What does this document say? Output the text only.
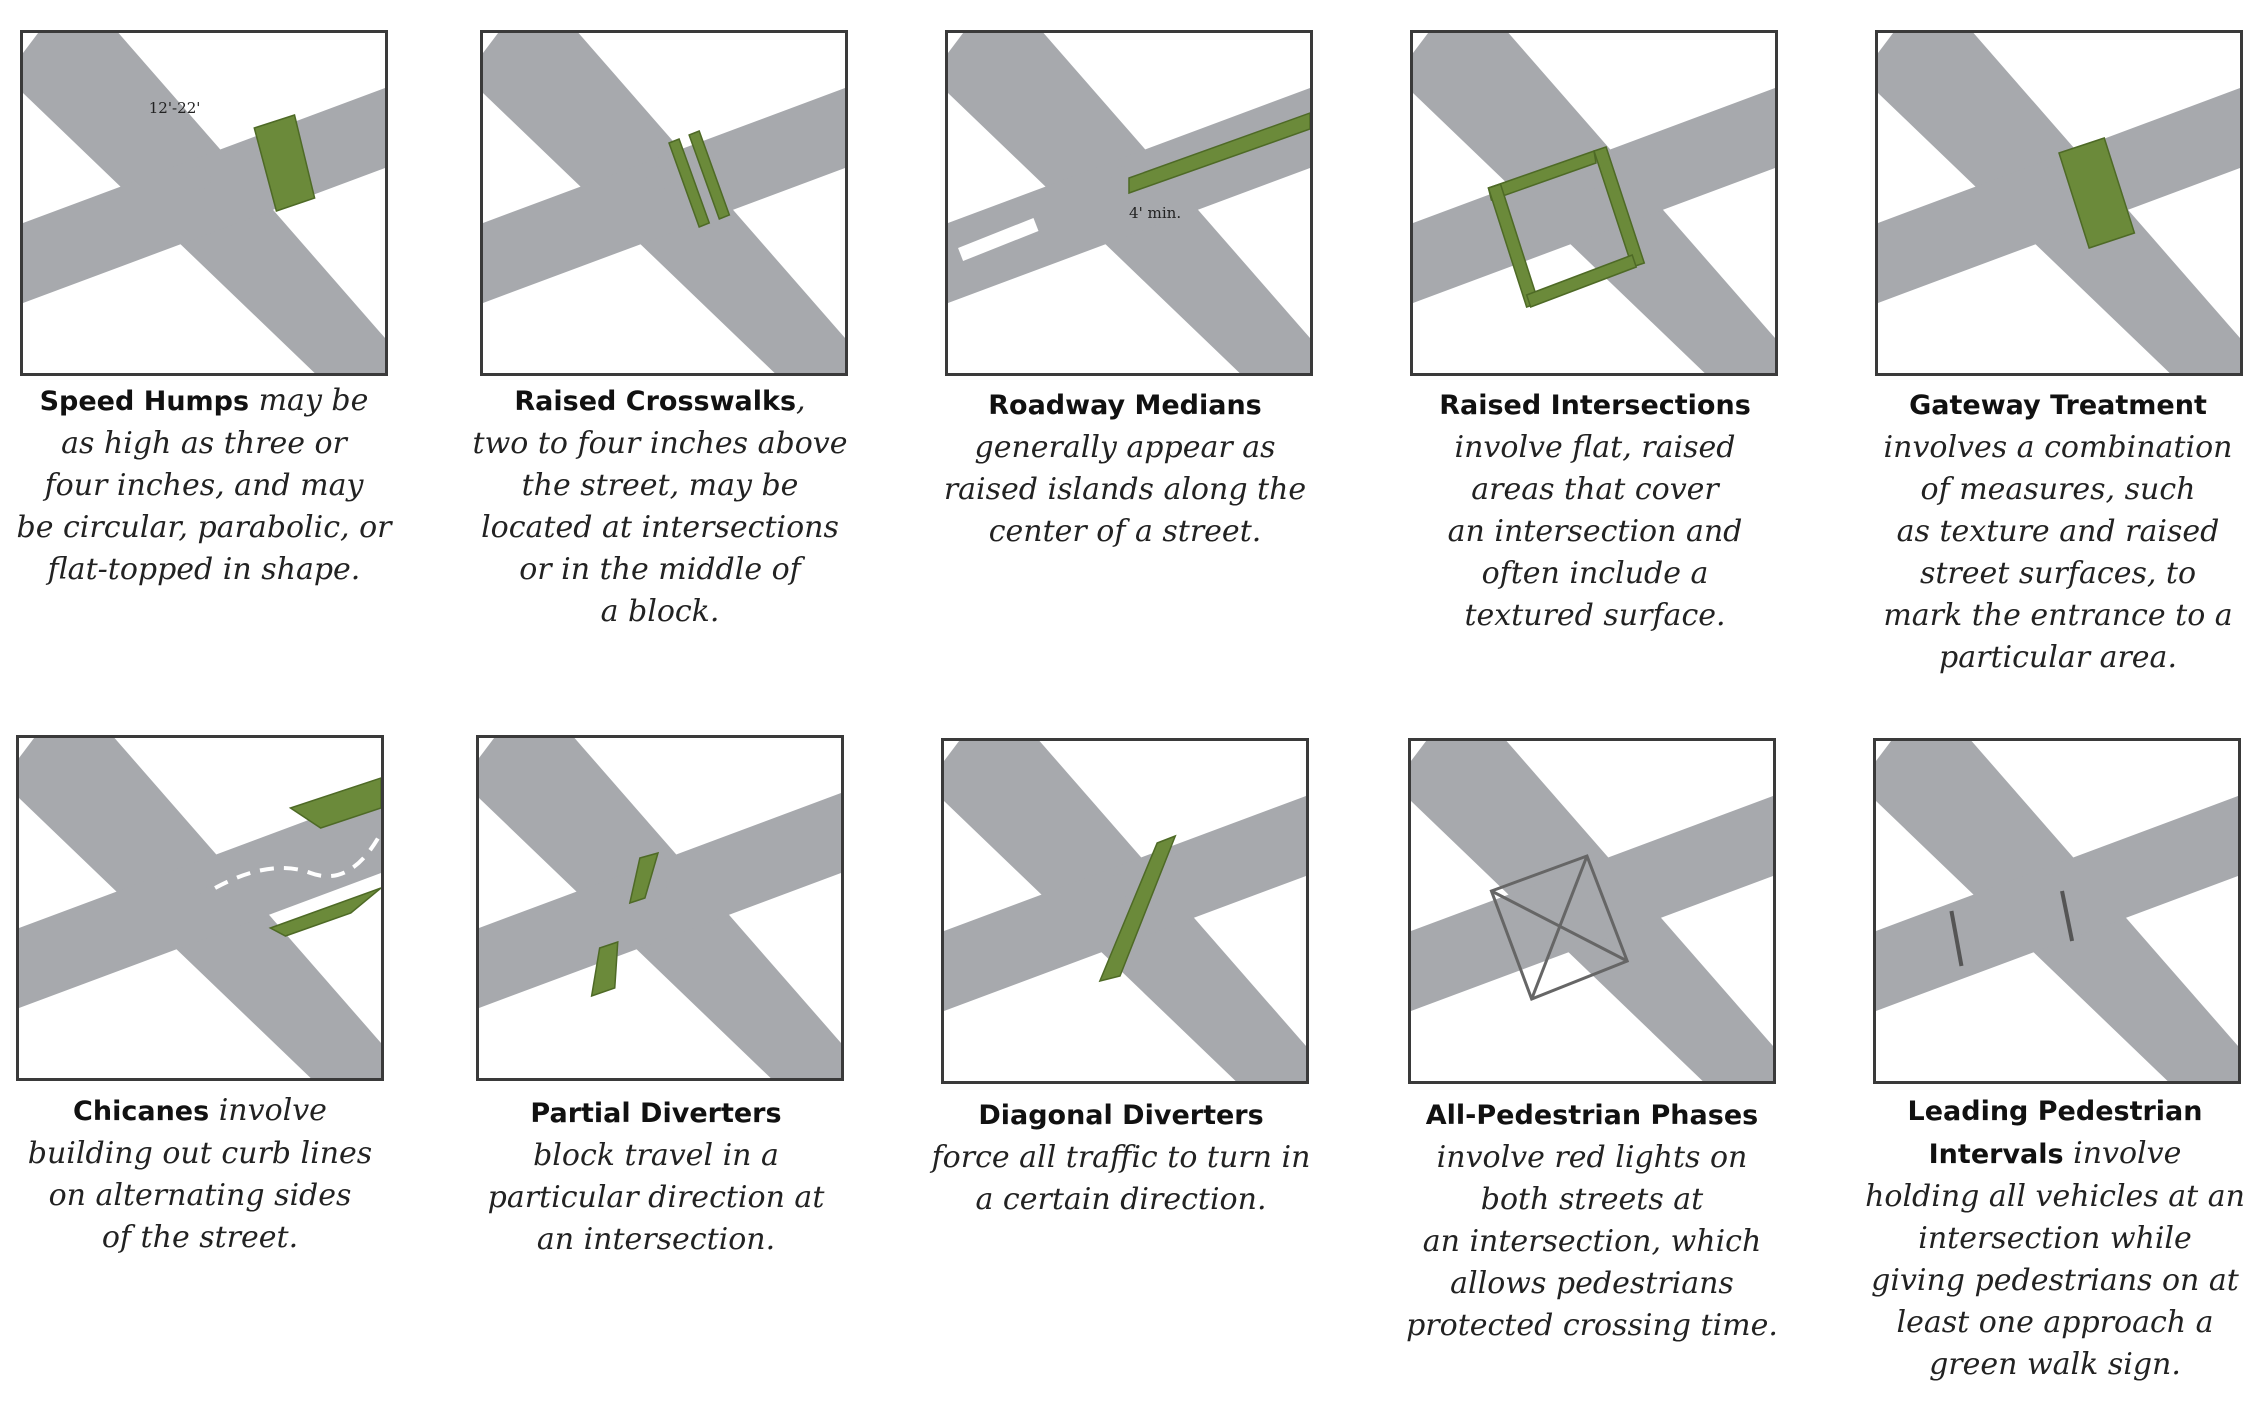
12'-22'
Speed Humps may be
as high as three or
four inches, and may
be circular, parabolic, or
flat-topped in shape.
Raised Crosswalks,
two to four inches above
the street, may be
located at intersections
or in the middle of
a block.
4' min.
Roadway Medians
generally appear as
raised islands along the
center of a street.
Raised Intersections
involve flat, raised
areas that cover
an intersection and
often include a
textured surface.
Gateway Treatment
involves a combination
of measures, such
as texture and raised
street surfaces, to
mark the entrance to a
particular area.
Chicanes involve
building out curb lines
on alternating sides
of the street.
Partial Diverters
block travel in a
particular direction at
an intersection.
Diagonal Diverters
force all traffic to turn in
a certain direction.
All-Pedestrian Phases
involve red lights on
both streets at
an intersection, which
allows pedestrians
protected crossing time.
Leading Pedestrian
Intervals involve
holding all vehicles at an
intersection while
giving pedestrians on at
least one approach a
green walk sign.
